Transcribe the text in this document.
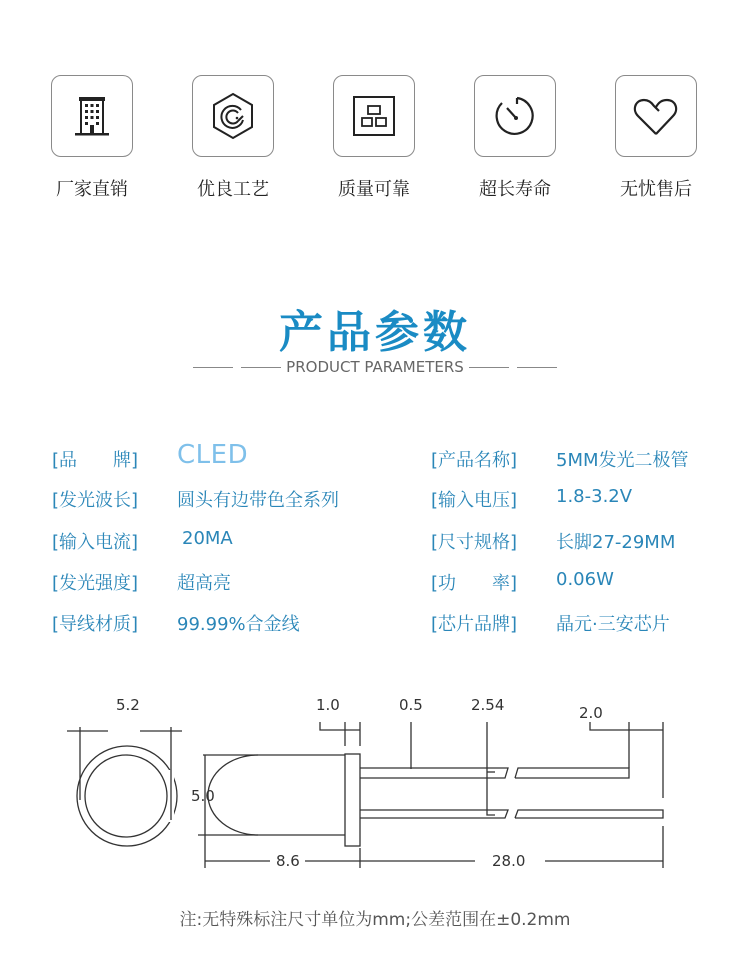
厂家直销	优良工艺	质量可靠	超长寿命	无忧售后
产品参数
PRODUCT PARAMETERS
[品　　牌] CLED
[发光波长] 圆头有边带色全系列
[输入电流] 20MA
[发光强度] 超高亮
[导线材质] 99.99%合金线
[产品名称] 5MM发光二极管
[输入电压] 1.8-3.2V
[尺寸规格] 长脚27-29MM
[功　　率] 0.06W
[芯片品牌] 晶元·三安芯片
5.2	1.0	0.5	2.54	2.0
5.0
8.6	28.0
注:无特殊标注尺寸单位为mm;公差范围在±0.2mm
